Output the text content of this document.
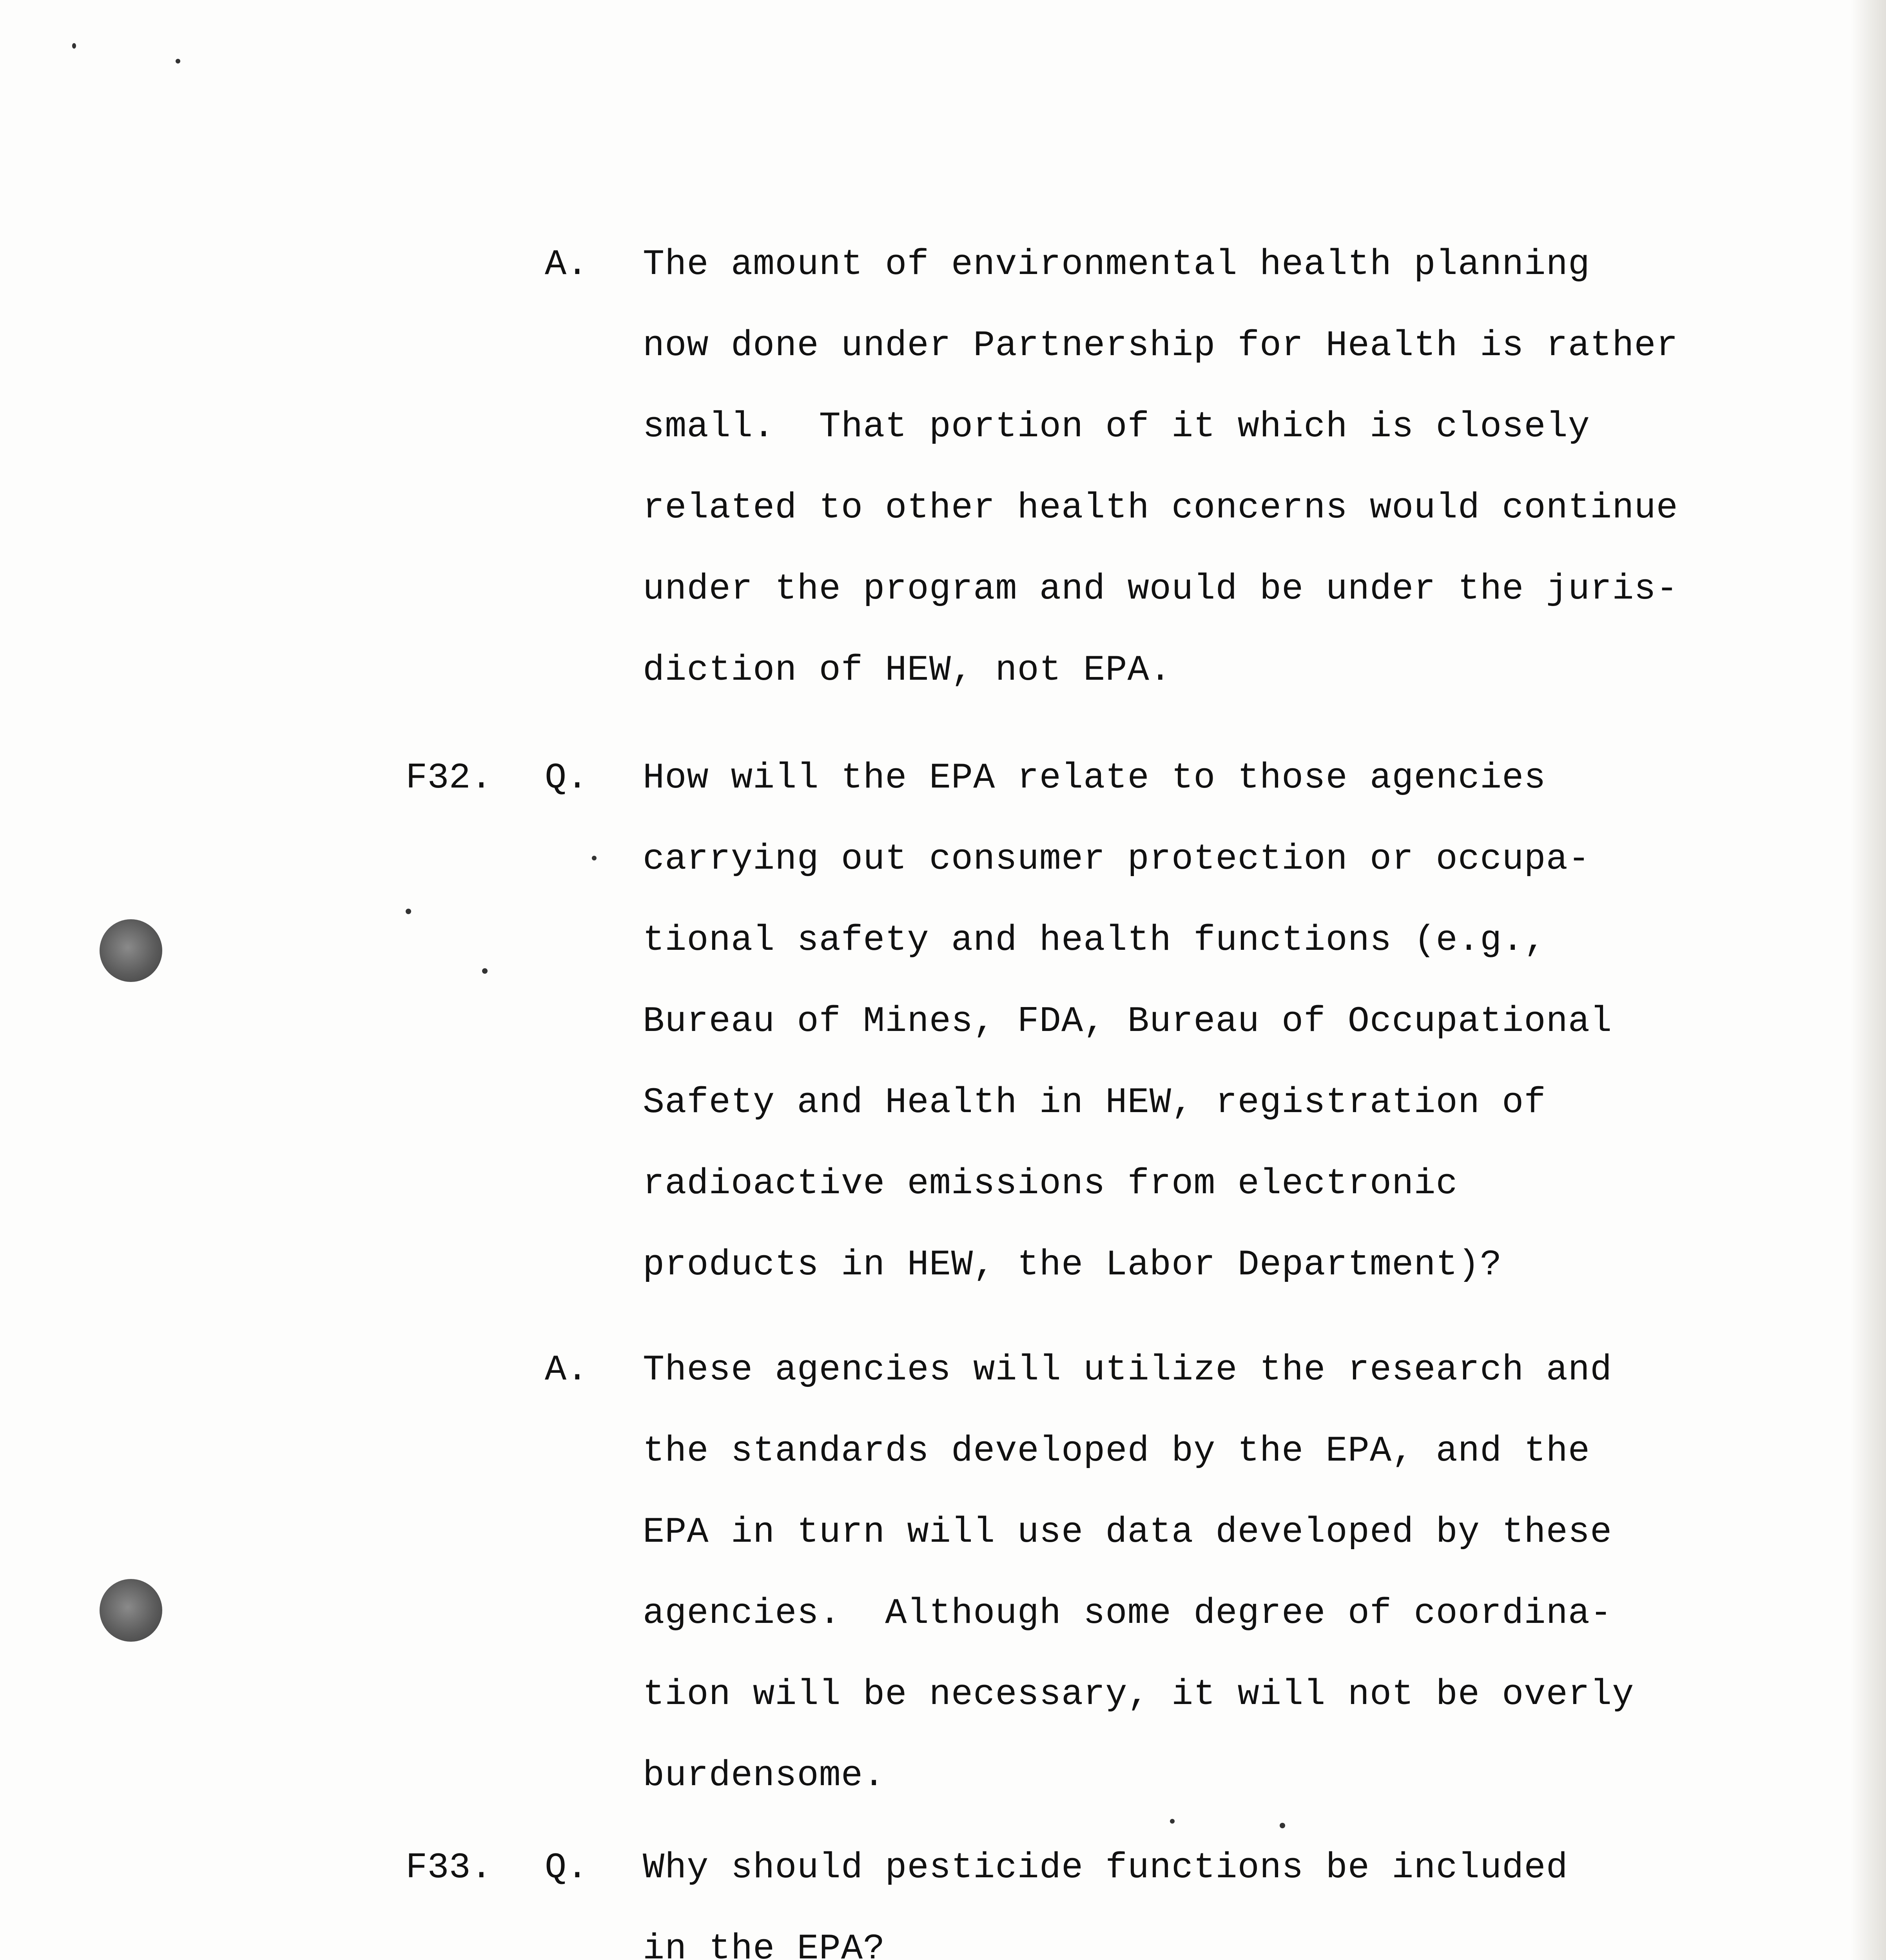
A. The amount of environmental health planning
now done under Partnership for Health is rather
small.  That portion of it which is closely
related to other health concerns would continue
under the program and would be under the juris-
diction of HEW, not EPA.
F32. Q. How will the EPA relate to those agencies
carrying out consumer protection or occupa-
tional safety and health functions (e.g.,
Bureau of Mines, FDA, Bureau of Occupational
Safety and Health in HEW, registration of
radioactive emissions from electronic
products in HEW, the Labor Department)?
A. These agencies will utilize the research and
the standards developed by the EPA, and the
EPA in turn will use data developed by these
agencies.  Although some degree of coordina-
tion will be necessary, it will not be overly
burdensome.
F33. Q. Why should pesticide functions be included
in the EPA?
